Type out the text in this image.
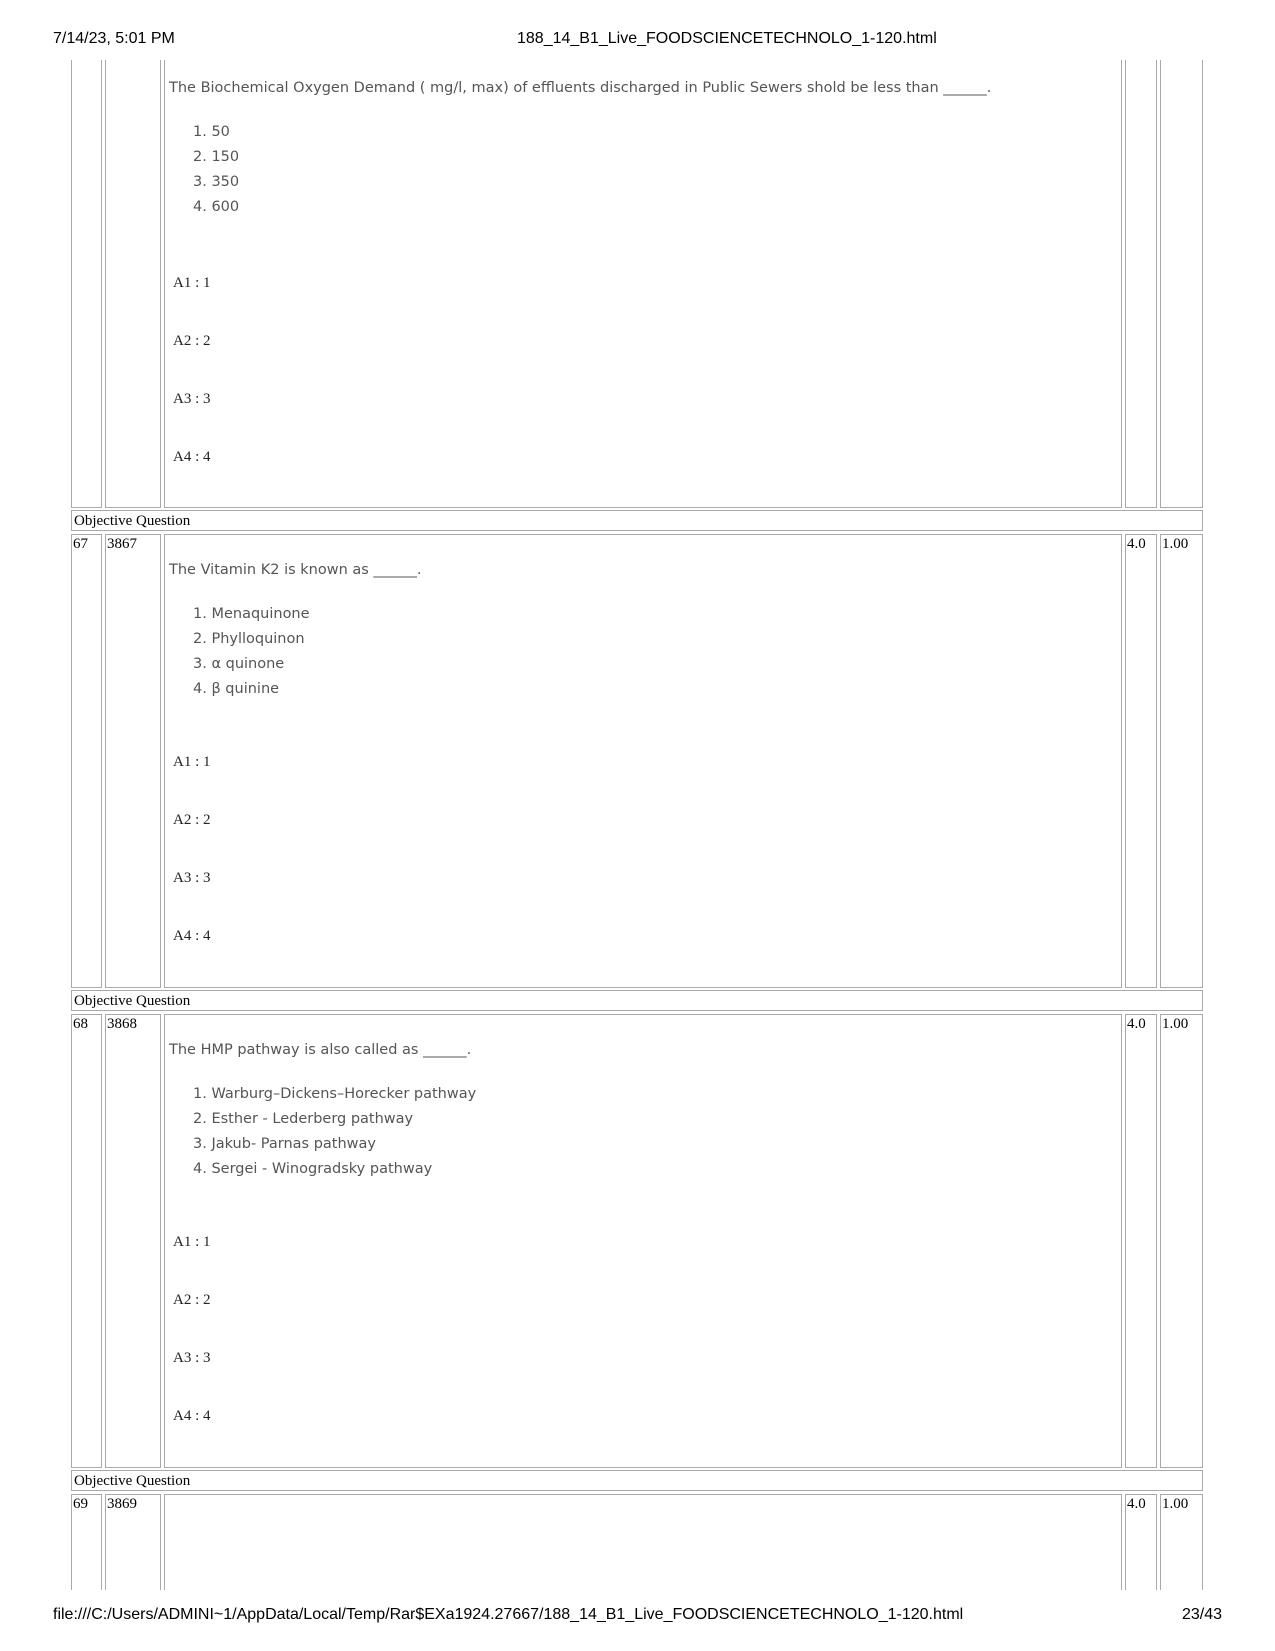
7/14/23, 5:01 PM	188_14_B1_Live_FOODSCIENCETECHNOLO_1-120.html
The Biochemical Oxygen Demand ( mg/l, max) of effluents discharged in Public Sewers shold be less than ______.
1. 50
2. 150
3. 350
4. 600
A1 : 1
A2 : 2
A3 : 3
A4 : 4
Objective Question
67 3867
The Vitamin K2 is known as ______.
1. Menaquinone
2. Phylloquinon
3. α quinone
4. β quinine
A1 : 1
A2 : 2
A3 : 3
A4 : 4
4.0 1.00
Objective Question
68 3868
The HMP pathway is also called as ______.
1. Warburg–Dickens–Horecker pathway
2. Esther - Lederberg pathway
3. Jakub- Parnas pathway
4. Sergei - Winogradsky pathway
A1 : 1
A2 : 2
A3 : 3
A4 : 4
4.0 1.00
Objective Question
69 3869	4.0 1.00
file:///C:/Users/ADMINI~1/AppData/Local/Temp/Rar$EXa1924.27667/188_14_B1_Live_FOODSCIENCETECHNOLO_1-120.html	23/43
